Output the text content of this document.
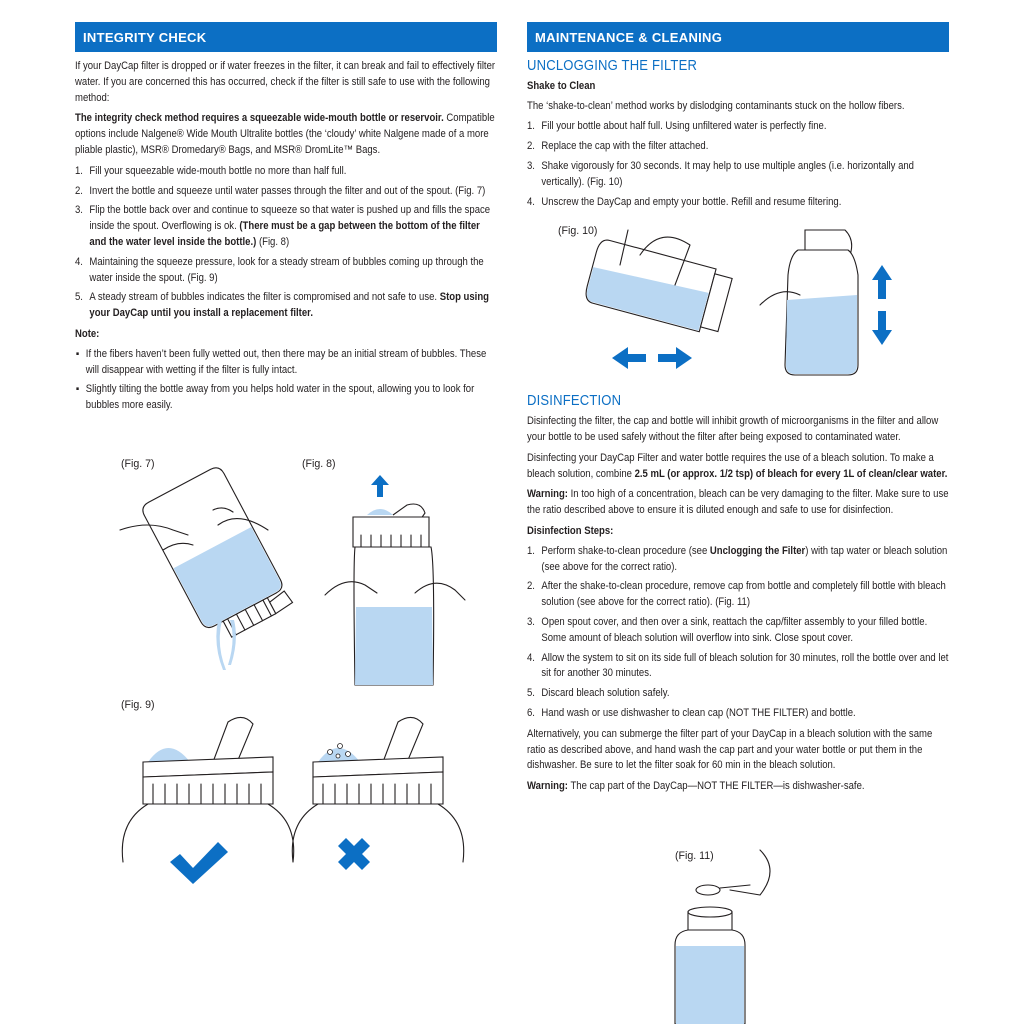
INTEGRITY CHECK

If your DayCap filter is dropped or if water freezes in the filter, it can break and fail to effectively filter water. If you are concerned this has occurred, check if the filter is still safe to use with the following method:

The integrity check method requires a squeezable wide-mouth bottle or reservoir. Compatible options include Nalgene® Wide Mouth Ultralite bottles (the ‘cloudy’ white Nalgene made of a more pliable plastic), MSR® Dromedary® Bags, and MSR® DromLite™ Bags.

1. Fill your squeezable wide-mouth bottle no more than half full.
2. Invert the bottle and squeeze until water passes through the filter and out of the spout. (Fig. 7)
3. Flip the bottle back over and continue to squeeze so that water is pushed up and fills the space inside the spout. Overflowing is ok. (There must be a gap between the bottom of the filter and the water level inside the bottle.) (Fig. 8)
4. Maintaining the squeeze pressure, look for a steady stream of bubbles coming up through the water inside the spout. (Fig. 9)
5. A steady stream of bubbles indicates the filter is compromised and not safe to use. Stop using your DayCap until you install a replacement filter.

Note:

▪ If the fibers haven’t been fully wetted out, then there may be an initial stream of bubbles. These will disappear with wetting if the filter is fully intact.
▪ Slightly tilting the bottle away from you helps hold water in the spout, allowing you to look for bubbles more easily.
MAINTENANCE & CLEANING
UNCLOGGING THE FILTER

Shake to Clean

The ‘shake-to-clean’ method works by dislodging contaminants stuck on the hollow fibers.

1. Fill your bottle about half full. Using unfiltered water is perfectly fine.
2. Replace the cap with the filter attached.
3. Shake vigorously for 30 seconds. It may help to use multiple angles (i.e. horizontally and vertically). (Fig. 10)
4. Unscrew the DayCap and empty your bottle. Refill and resume filtering.
DISINFECTION

Disinfecting the filter, the cap and bottle will inhibit growth of microorganisms in the filter and allow your bottle to be used safely without the filter after being exposed to contaminated water.

Disinfecting your DayCap Filter and water bottle requires the use of a bleach solution. To make a bleach solution, combine 2.5 mL (or approx. 1/2 tsp) of bleach for every 1L of clean/clear water.

Warning: In too high of a concentration, bleach can be very damaging to the filter. Make sure to use the ratio described above to ensure it is diluted enough and safe to use for disinfection.

Disinfection Steps:

1. Perform shake-to-clean procedure (see Unclogging the Filter) with tap water or bleach solution (see above for the correct ratio).
2. After the shake-to-clean procedure, remove cap from bottle and completely fill bottle with bleach solution (see above for the correct ratio). (Fig. 11)
3. Open spout cover, and then over a sink, reattach the cap/filter assembly to your filled bottle. Some amount of bleach solution will overflow into sink. Close spout cover.
4. Allow the system to sit on its side full of bleach solution for 30 minutes, roll the bottle over and let sit for another 30 minutes.
5. Discard bleach solution safely.
6. Hand wash or use dishwasher to clean cap (NOT THE FILTER) and bottle.

Alternatively, you can submerge the filter part of your DayCap in a bleach solution with the same ratio as described above, and hand wash the cap part and your water bottle or put them in the dishwasher. Be sure to let the filter soak for 60 min in the bleach solution.

Warning: The cap part of the DayCap—NOT THE FILTER—is dishwasher-safe.

(Fig. 7)	(Fig. 8)
(Fig. 9)
(Fig. 10)
(Fig. 11)
